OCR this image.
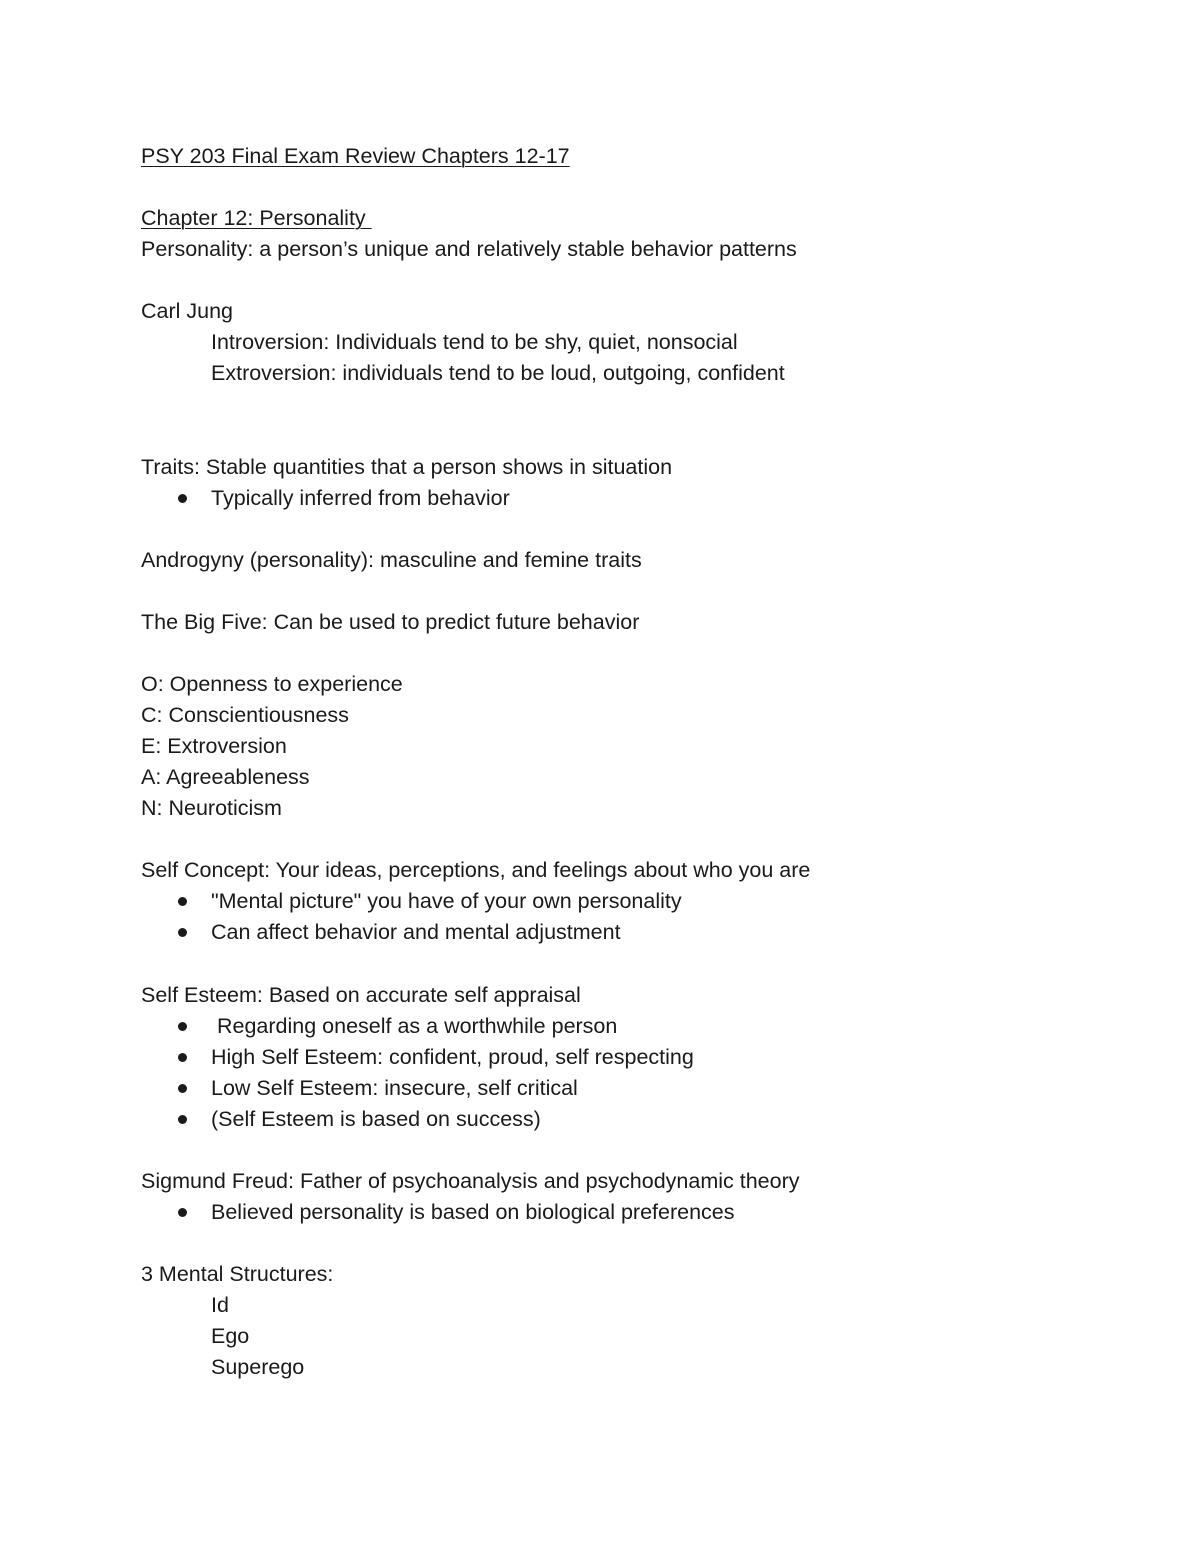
PSY 203 Final Exam Review Chapters 12-17
Chapter 12: Personality
Personality: a person’s unique and relatively stable behavior patterns
Carl Jung
Introversion: Individuals tend to be shy, quiet, nonsocial
Extroversion: individuals tend to be loud, outgoing, confident
Traits: Stable quantities that a person shows in situation
Typically inferred from behavior
Androgyny (personality): masculine and femine traits
The Big Five: Can be used to predict future behavior
O: Openness to experience
C: Conscientiousness
E: Extroversion
A: Agreeableness
N: Neuroticism
Self Concept: Your ideas, perceptions, and feelings about who you are
"Mental picture" you have of your own personality
Can affect behavior and mental adjustment
Self Esteem: Based on accurate self appraisal
Regarding oneself as a worthwhile person
High Self Esteem: confident, proud, self respecting
Low Self Esteem: insecure, self critical
(Self Esteem is based on success)
Sigmund Freud: Father of psychoanalysis and psychodynamic theory
Believed personality is based on biological preferences
3 Mental Structures:
Id
Ego
Superego
